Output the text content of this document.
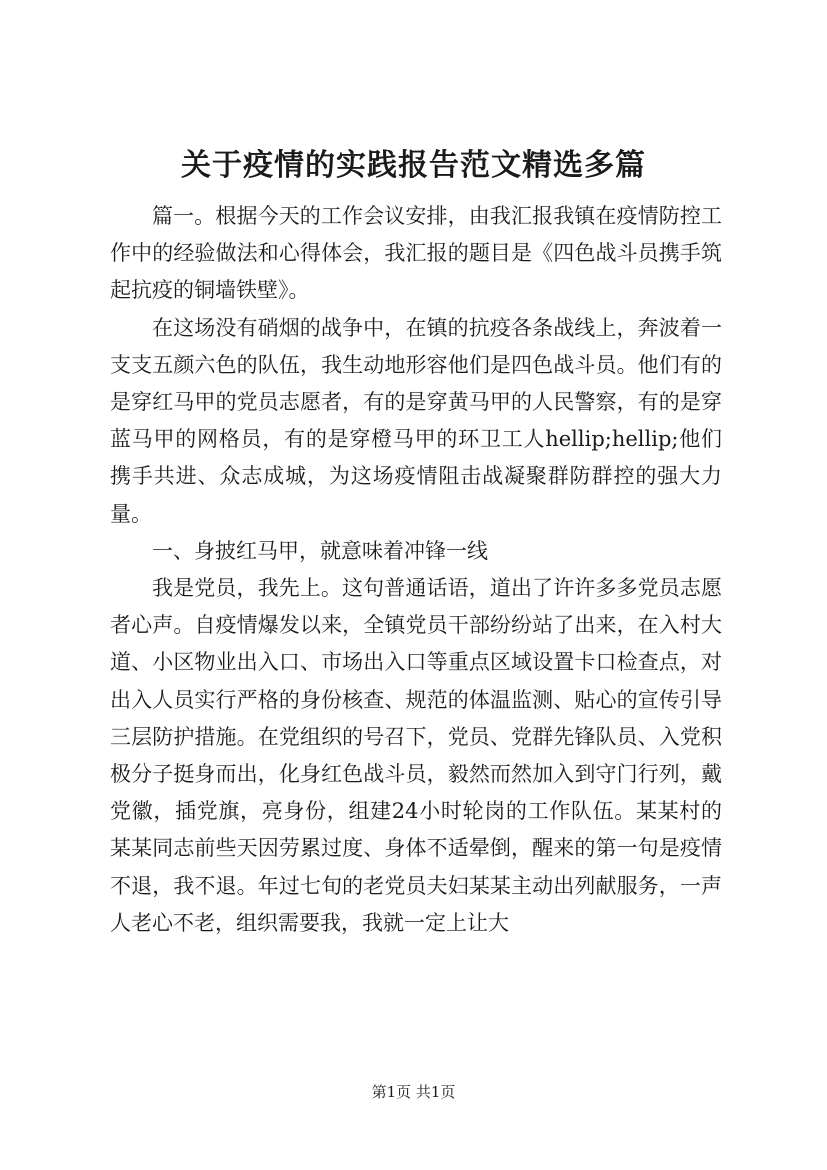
关于疫情的实践报告范文精选多篇

篇一。根据今天的工作会议安排，由我汇报我镇在疫情防控工作中的经验做法和心得体会，我汇报的题目是《四色战斗员携手筑起抗疫的铜墙铁壁》。

在这场没有硝烟的战争中，在镇的抗疫各条战线上，奔波着一支支五颜六色的队伍，我生动地形容他们是四色战斗员。他们有的是穿红马甲的党员志愿者，有的是穿黄马甲的人民警察，有的是穿蓝马甲的网格员，有的是穿橙马甲的环卫工人hellip;hellip;他们携手共进、众志成城，为这场疫情阻击战凝聚群防群控的强大力量。

一、身披红马甲，就意味着冲锋一线

我是党员，我先上。这句普通话语，道出了许许多多党员志愿者心声。自疫情爆发以来，全镇党员干部纷纷站了出来，在入村大道、小区物业出入口、市场出入口等重点区域设置卡口检查点，对出入人员实行严格的身份核查、规范的体温监测、贴心的宣传引导三层防护措施。在党组织的号召下，党员、党群先锋队员、入党积极分子挺身而出，化身红色战斗员，毅然而然加入到守门行列，戴党徽，插党旗，亮身份，组建24小时轮岗的工作队伍。某某村的某某同志前些天因劳累过度、身体不适晕倒，醒来的第一句是疫情不退，我不退。年过七旬的老党员夫妇某某主动出列献服务，一声人老心不老，组织需要我，我就一定上让大

第1页 共1页
